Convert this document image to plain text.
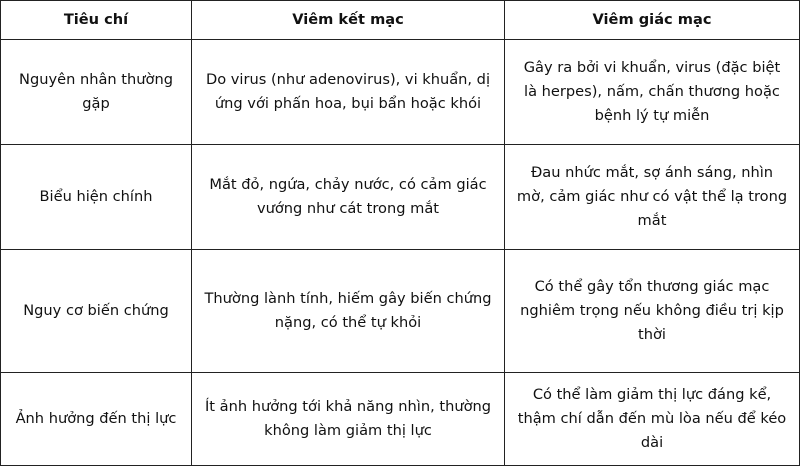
Tiêu chí	Viêm kết mạc	Viêm giác mạc
Nguyên nhân thường gặp	Do virus (như adenovirus), vi khuẩn, dị ứng với phấn hoa, bụi bẩn hoặc khói	Gây ra bởi vi khuẩn, virus (đặc biệt là herpes), nấm, chấn thương hoặc bệnh lý tự miễn
Biểu hiện chính	Mắt đỏ, ngứa, chảy nước, có cảm giác vướng như cát trong mắt	Đau nhức mắt, sợ ánh sáng, nhìn mờ, cảm giác như có vật thể lạ trong mắt
Nguy cơ biến chứng	Thường lành tính, hiếm gây biến chứng nặng, có thể tự khỏi	Có thể gây tổn thương giác mạc nghiêm trọng nếu không điều trị kịp thời
Ảnh hưởng đến thị lực	Ít ảnh hưởng tới khả năng nhìn, thường không làm giảm thị lực	Có thể làm giảm thị lực đáng kể, thậm chí dẫn đến mù lòa nếu để kéo dài
